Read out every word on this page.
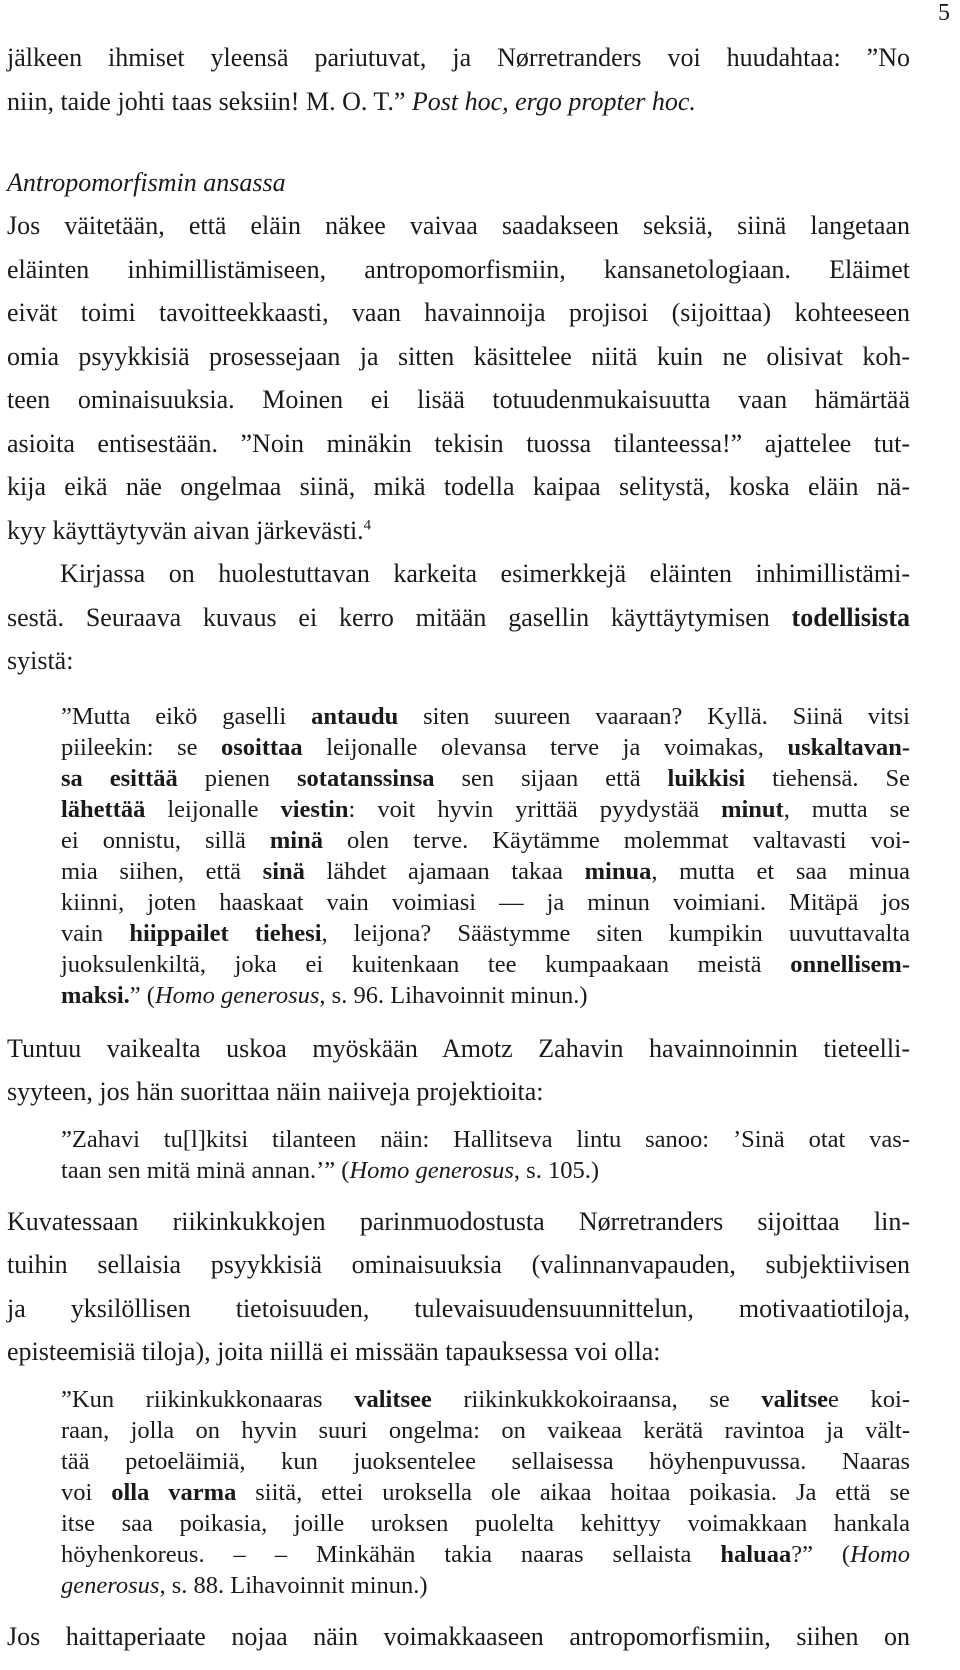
5

jälkeen ihmiset yleensä pariutuvat, ja Nørretranders voi huudahtaa: ”No
niin, taide johti taas seksiin! M. O. T.” Post hoc, ergo propter hoc.

Antropomorfismin ansassa

Jos väitetään, että eläin näkee vaivaa saadakseen seksiä, siinä langetaan
eläinten inhimillistämiseen, antropomorfismiin, kansanetologiaan. Eläimet
eivät toimi tavoitteekkaasti, vaan havainnoija projisoi (sijoittaa) kohteeseen
omia psyykkisiä prosessejaan ja sitten käsittelee niitä kuin ne olisivat koh-
teen ominaisuuksia. Moinen ei lisää totuudenmukaisuutta vaan hämärtää
asioita entisestään. ”Noin minäkin tekisin tuossa tilanteessa!” ajattelee tut-
kija eikä näe ongelmaa siinä, mikä todella kaipaa selitystä, koska eläin nä-
kyy käyttäytyvän aivan järkevästi.$^4$

Kirjassa on huolestuttavan karkeita esimerkkejä eläinten inhimillistämi-
sestä. Seuraava kuvaus ei kerro mitään gasellin käyttäytymisen todellisista
syistä:

”Mutta eikö gaselli antaudu siten suureen vaaraan? Kyllä. Siinä vitsi
piileekin: se osoittaa leijonalle olevansa terve ja voimakas, uskaltavan-
sa esittää pienen sotatanssinsa sen sijaan että luikkisi tiehensä. Se
lähettää leijonalle viestin: voit hyvin yrittää pyydystää minut, mutta se
ei onnistu, sillä minä olen terve. Käytämme molemmat valtavasti voi-
mia siihen, että sinä lähdet ajamaan takaa minua, mutta et saa minua
kiinni, joten haaskaat vain voimiasi — ja minun voimiani. Mitäpä jos
vain hiippailet tiehesi, leijona? Säästymme siten kumpikin uuvuttavalta
juoksulenkiltä, joka ei kuitenkaan tee kumpaakaan meistä onnellisem-
maksi.” (Homo generosus, s. 96. Lihavoinnit minun.)

Tuntuu vaikealta uskoa myöskään Amotz Zahavin havainnoinnin tieteelli-
syyteen, jos hän suorittaa näin naiiveja projektioita:

”Zahavi tu[l]kitsi tilanteen näin: Hallitseva lintu sanoo: ’Sinä otat vas-
taan sen mitä minä annan.’” (Homo generosus, s. 105.)

Kuvatessaan riikinkukkojen parinmuodostusta Nørretranders sijoittaa lin-
tuihin sellaisia psyykkisiä ominaisuuksia (valinnanvapauden, subjektiivisen
ja yksilöllisen tietoisuuden, tulevaisuudensuunnittelun, motivaatiotiloja,
episteemisiä tiloja), joita niillä ei missään tapauksessa voi olla:

”Kun riikinkukkonaaras valitsee riikinkukkokoiraansa, se valitsee koi-
raan, jolla on hyvin suuri ongelma: on vaikeaa kerätä ravintoa ja vält-
tää petoeläimiä, kun juoksentelee sellaisessa höyhenpuvussa. Naaras
voi olla varma siitä, ettei uroksella ole aikaa hoitaa poikasia. Ja että se
itse saa poikasia, joille uroksen puolelta kehittyy voimakkaan hankala
höyhenkoreus. – – Minkähän takia naaras sellaista haluaa?” (Homo
generosus, s. 88. Lihavoinnit minun.)

Jos haittaperiaate nojaa näin voimakkaaseen antropomorfismiin, siihen on
